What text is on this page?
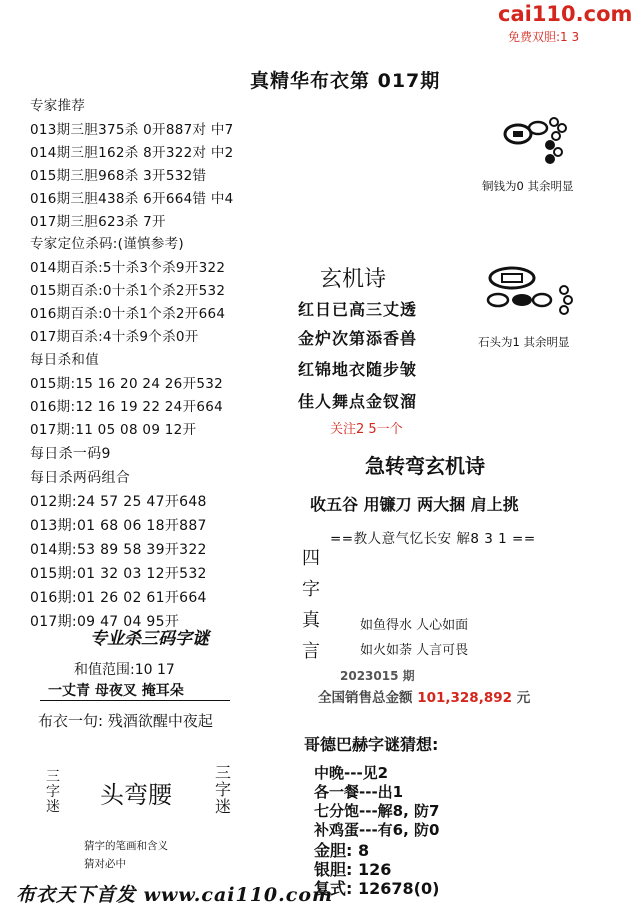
cai110.com
免费双胆:1 3
真精华布衣第 017期
专家推荐
013期三胆375杀 0开887对 中7
014期三胆162杀 8开322对 中2
015期三胆968杀 3开532错
016期三胆438杀 6开664错 中4
017期三胆623杀 7开
专家定位杀码:(谨慎参考)
014期百杀:5十杀3个杀9开322
015期百杀:0十杀1个杀2开532
016期百杀:0十杀1个杀2开664
017期百杀:4十杀9个杀0开
每日杀和值
015期:15 16 20 24 26开532
016期:12 16 19 22 24开664
017期:11 05 08 09 12开
每日杀一码9
每日杀两码组合
012期:24 57 25 47开648
013期:01 68 06 18开887
014期:53 89 58 39开322
015期:01 32 03 12开532
016期:01 26 02 61开664
017期:09 47 04 95开
专业杀三码字谜
和值范围:10 17
一丈青 母夜叉 掩耳朵
布衣一句: 残酒欲醒中夜起
三
字
迷 头弯腰
三
字
迷
猜字的笔画和含义
猜对必中
布衣天下首发 www.cai110.com
铜钱为0 其余明显
石头为1 其余明显
玄机诗
红日已高三丈透
金炉次第添香兽
红锦地衣随步皱
佳人舞点金钗溜
关注2 5一个
急转弯玄机诗
收五谷 用镰刀 两大捆 肩上挑
==教人意气忆长安 解8 3 1 ==
四
字
真
言
如鱼得水 人心如面
如火如荼 人言可畏
2023015 期
全国销售总金额 101,328,892 元
哥德巴赫字谜猜想:
中晚---见2
各一餐---出1
七分饱---解8, 防7
补鸡蛋---有6, 防0
金胆: 8
银胆: 126
复式: 12678(0)
